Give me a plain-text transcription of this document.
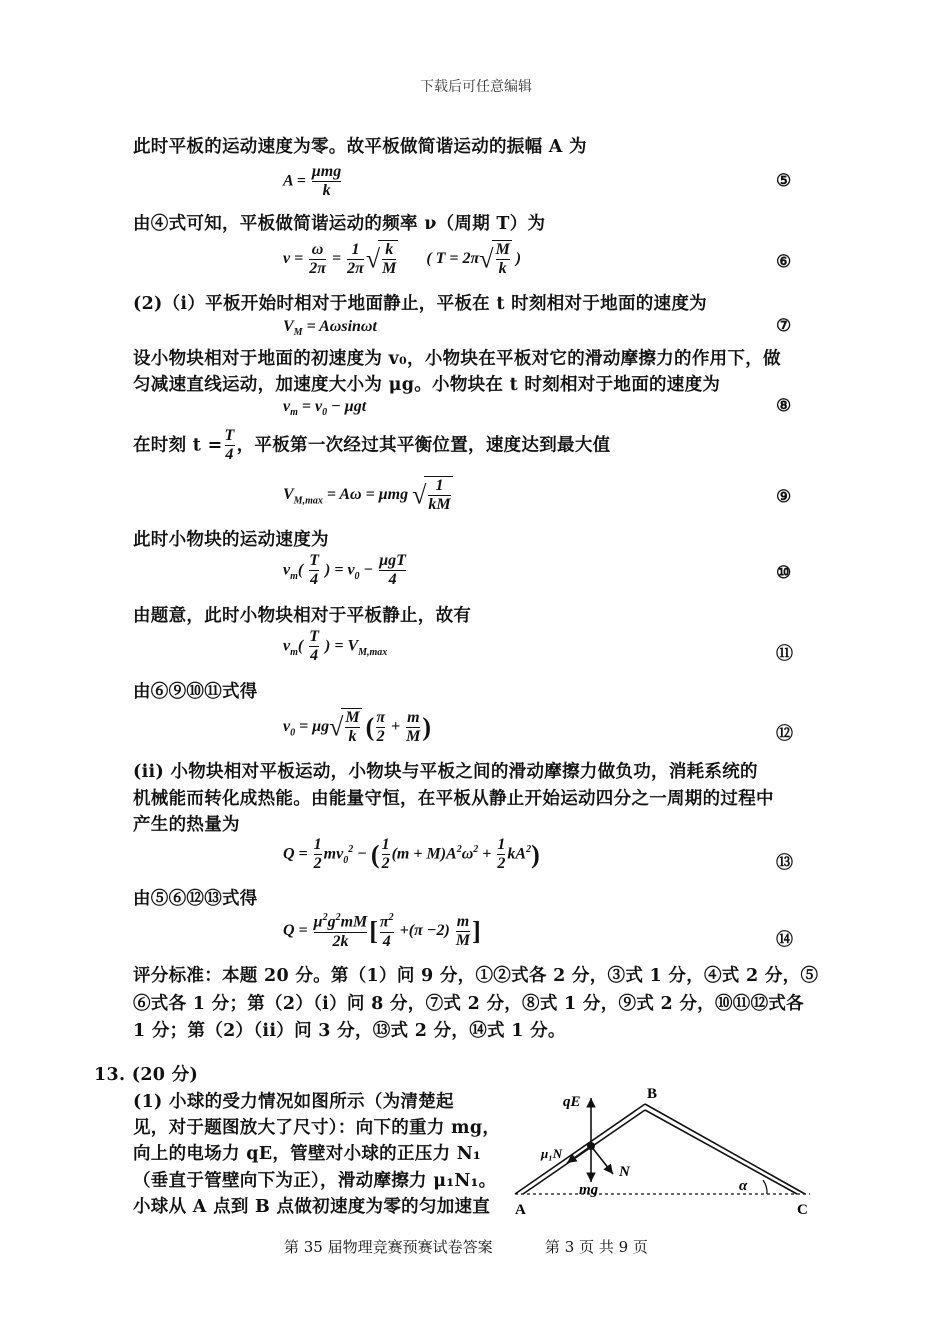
下载后可任意编辑
此时平板的运动速度为零。故平板做简谐运动的振幅 A 为
$A = \frac{\text{μmg}}{k}$	⑤
由④式可知，平板做简谐运动的频率 ν（周期 T）为
$\nu = \frac{\omega}{2\pi} = \frac{1}{2\pi}$ √ $\frac{k}{M}$ ( $T = 2\pi√ \frac{M}{k}$ )	⑥
(2)（i）平板开始时相对于地面静止，平板在 t 时刻相对于地面的速度为
$V_M = A\omega\sin\omega t$	⑦
设小物块相对于地面的初速度为 v₀，小物块在平板对它的滑动摩擦力的作用下，做
匀减速直线运动，加速度大小为 μg。小物块在 t 时刻相对于地面的速度为
$v_m = v_0 - \mu gt$	⑧
在时刻 $t = \frac{T}{4}$ ，平板第一次经过其平衡位置，速度达到最大值
$V_{M,max} = A\omega = \mu mg$ √ $\frac{1}{kM}$	⑨
此时小物块的运动速度为
$v_m( \frac{T}{4}$ ) = $v_0 - \frac{\text{μgT}}{4}$	⑩
由题意，此时小物块相对于平板静止，故有
$v_m( \frac{T}{4}$ ) = $V_{M,max}$	⑪
由⑥⑨⑩⑪式得
$v_0 = \mu g√ \frac{M}{k}$ ( $\frac{\pi}{2} + \frac{m}{M}$ )	⑫
(ii) 小物块相对平板运动，小物块与平板之间的滑动摩擦力做负功，消耗系统的
机械能而转化成热能。由能量守恒，在平板从静止开始运动四分之一周期的过程中
产生的热量为
$Q = \frac{1}{2} mv_0^2$ − ( $\frac{1}{2} (m + M)A^2\omega^2 + \frac{1}{2} kA^2$)	⑬
由⑤⑥⑫⑬式得
$Q = \frac{\mu^2g^2mM}{2k}$ [ $\frac{\pi^2}{4} +(\pi -2) \frac{m}{M}$ ]	⑭
评分标准：本题 20 分。第（1）问 9 分，①②式各 2 分，③式 1 分，④式 2 分，⑤
⑥式各 1 分；第（2）（i）问 8 分，⑦式 2 分，⑧式 1 分，⑨式 2 分，⑩⑪⑫式各
1 分；第（2）（ii）问 3 分，⑬式 2 分，⑭式 1 分。
13. (20 分)
(1) 小球的受力情况如图所示（为清楚起
见，对于题图放大了尺寸）：向下的重力 mg，
向上的电场力 qE，管壁对小球的正压力 N₁
（垂直于管壁向下为正），滑动摩擦力 μ₁N₁。
小球从 A 点到 B 点做初速度为零的匀加速直
qE	B
μ₁N
N
mg	α
A	C
第 35 届物理竞赛预赛试卷答案	第 3 页 共 9 页
